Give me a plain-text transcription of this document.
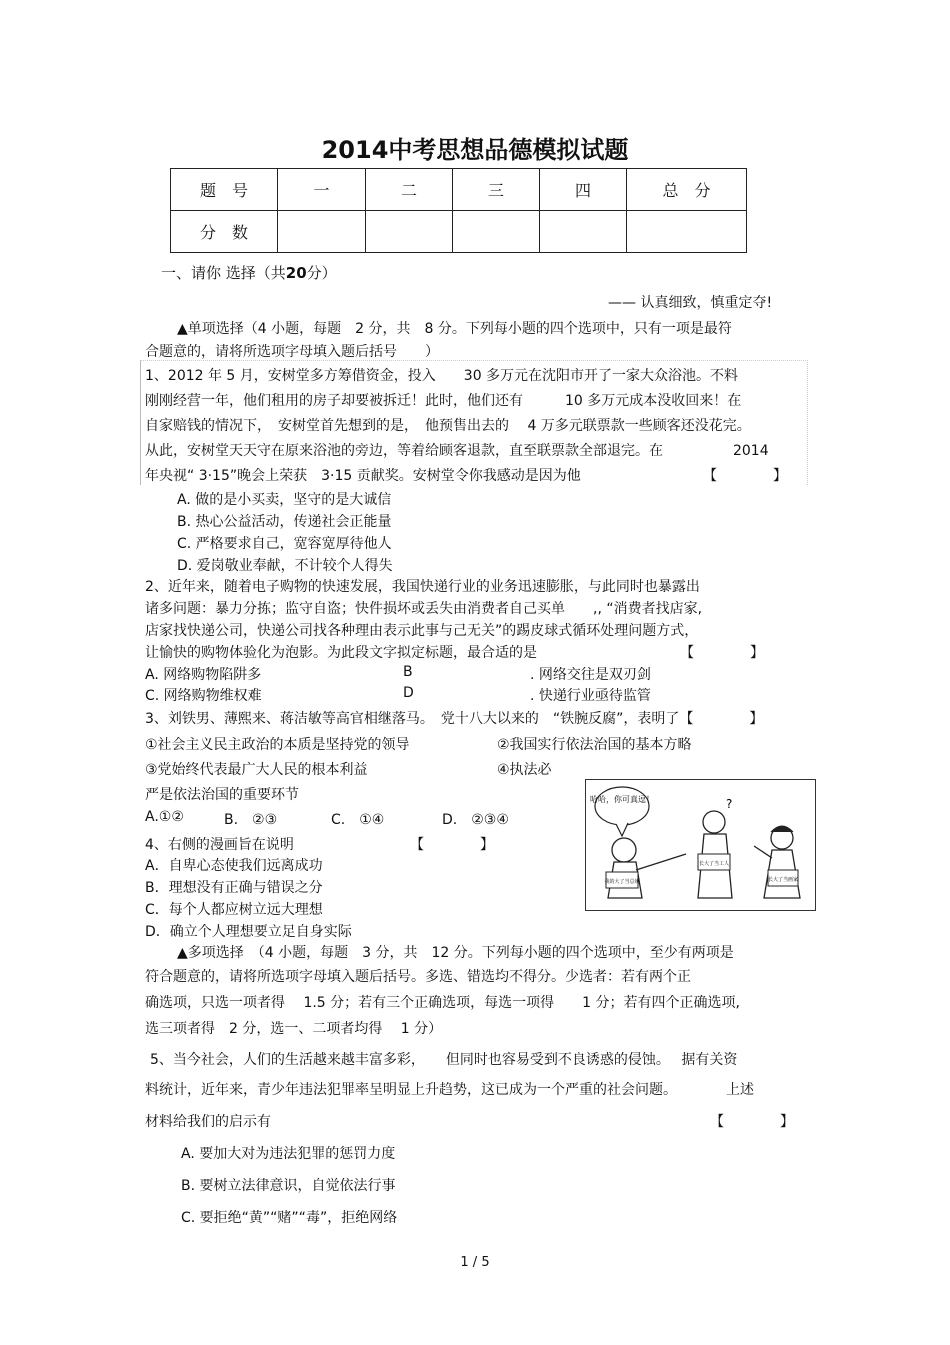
2014中考思想品德模拟试题
题　号	一	二	三	四	总　分
分　数					
一、请你 选择（共20分）
—— 认真细致，慎重定夺!
▲单项选择（4 小题，每题　2 分，共　8 分。下列每小题的四个选项中，只有一项是最符
合题意的，请将所选项字母填入题后括号　　）
1、2012 年 5 月，安树堂多方筹借资金，投入　　30 多万元在沈阳市开了一家大众浴池。不料
刚刚经营一年，他们租用的房子却要被拆迁！此时，他们还有　　　10 多万元成本没收回来！在
自家赔钱的情况下，　安树堂首先想到的是，　他预售出去的　 4 万多元联票款一些顾客还没花完。
从此，安树堂天天守在原来浴池的旁边，等着给顾客退款，直至联票款全部退完。在　　　　　2014
年央视“ 3·15”晚会上荣获　3·15 贡献奖。安树堂令你我感动是因为他	【　　　　】
A. 做的是小买卖，坚守的是大诚信
B. 热心公益活动，传递社会正能量
C. 严格要求自己，宽容宽厚待他人
D. 爱岗敬业奉献，不计较个人得失
2、近年来，随着电子购物的快速发展，我国快递行业的业务迅速膨胀，与此同时也暴露出
诸多问题：暴力分拣；监守自盗；快件损坏或丢失由消费者自己买单　　,, “消费者找店家,
店家找快递公司，快递公司找各种理由表示此事与己无关”的踢皮球式循环处理问题方式，
让愉快的购物体验化为泡影。为此段文字拟定标题，最合适的是	【　　　　】
A. 网络购物陷阱多	B	. 网络交往是双刃剑
C. 网络购物维权难	D	. 快递行业亟待监管
3、刘铁男、薄熙来、蒋洁敏等高官相继落马。　党十八大以来的　“铁腕反腐”，表明了【　　　　】
①社会主义民主政治的本质是坚持党的领导	②我国实行依法治国的基本方略
③党始终代表最广大人民的根本利益	④执法必
严是依法治国的重要环节
A.①②	B.　②③	C.　①④	D.　②③④
4、右侧的漫画旨在说明	【　　　　】
A．自卑心态使我们远离成功
B．理想没有正确与错误之分
C．每个人都应树立远大理想
D．确立个人理想要立足自身实际
哈哈，你可真逗！
我的大了当总统
?
长大了当工人
长大了当画家
▲多项选择　（4 小题，每题　3 分，共　12 分。下列每小题的四个选项中，至少有两项是
符合题意的，请将所选项字母填入题后括号。多选、错选均不得分。少选者：若有两个正
确选项，只选一项者得　 1.5 分；若有三个正确选项，每选一项得　　1 分；若有四个正确选项,
选三项者得　2 分，选一、二项者均得　 1 分）
5、当今社会，人们的生活越来越丰富多彩，　　但同时也容易受到不良诱惑的侵蚀。　 据有关资
料统计，近年来，青少年违法犯罪率呈明显上升趋势，这已成为一个严重的社会问题。　　　　上述
材料给我们的启示有	【　　　　】
A. 要加大对为违法犯罪的惩罚力度
B. 要树立法律意识，自觉依法行事
C. 要拒绝“黄”“赌”“毒”，拒绝网络
1 / 5
